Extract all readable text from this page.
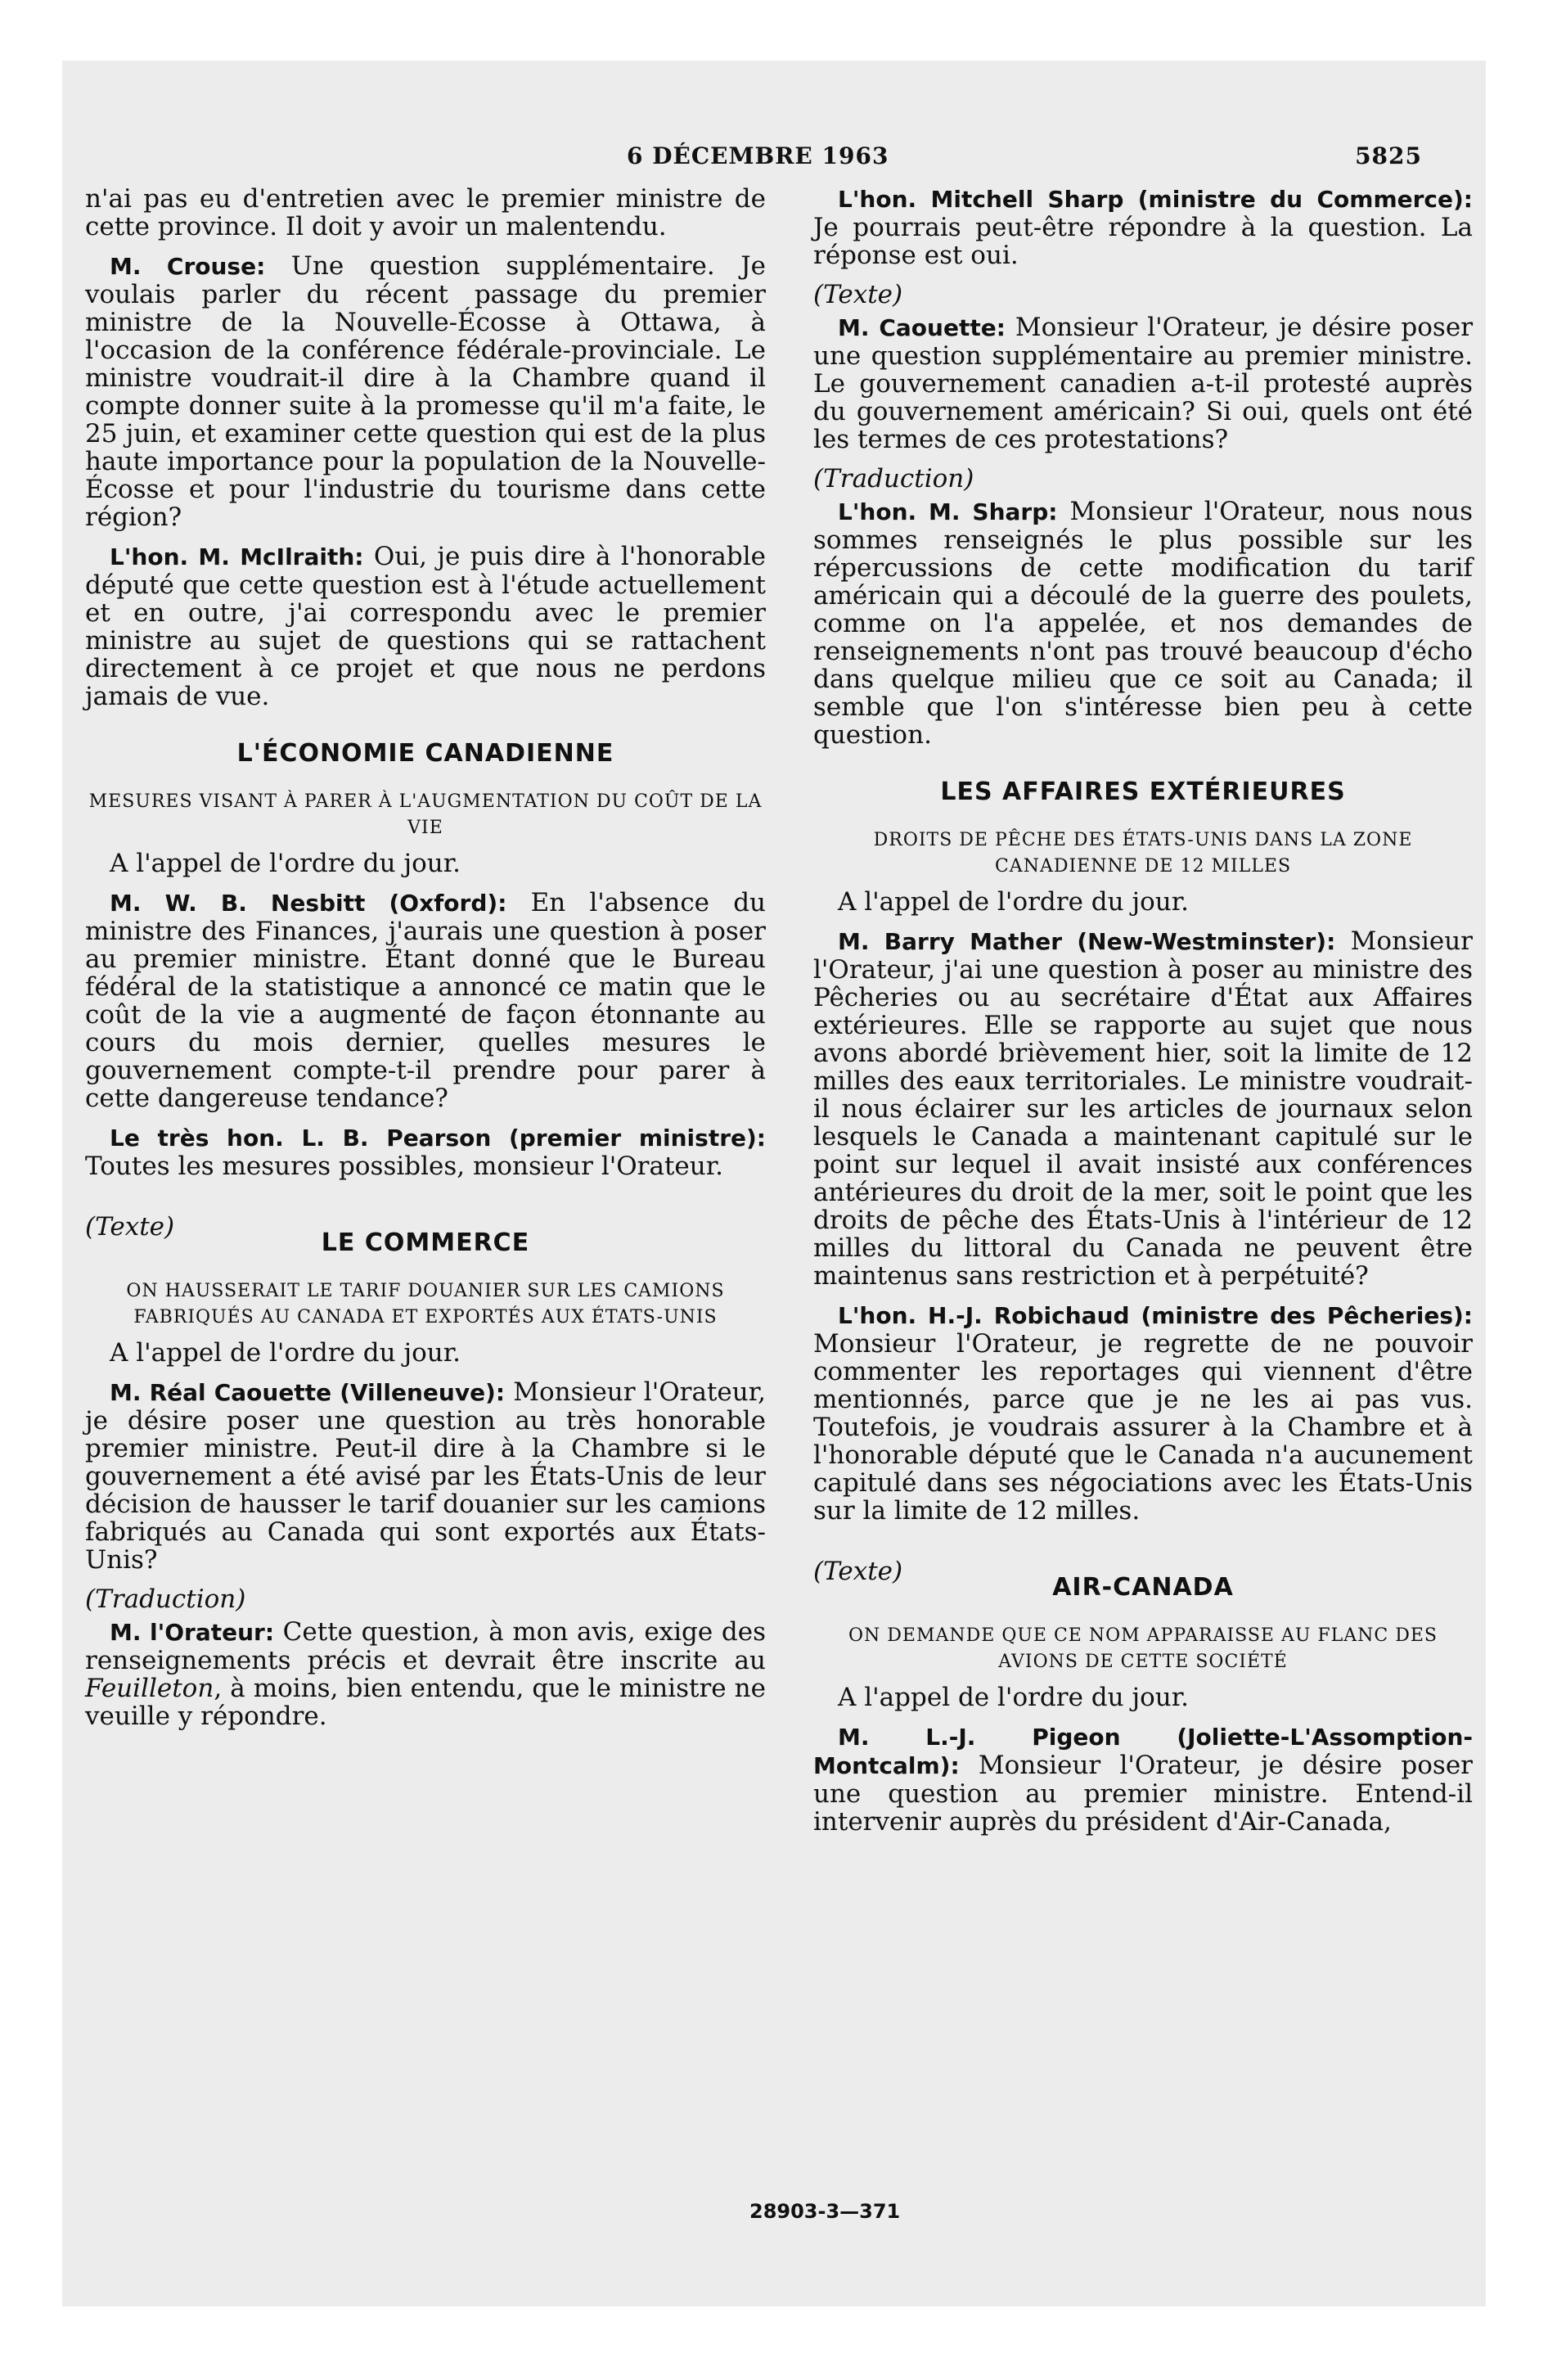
6 DÉCEMBRE 1963	5825

n'ai pas eu d'entretien avec le premier ministre de cette province. Il doit y avoir un malentendu.

M. Crouse: Une question supplémentaire. Je voulais parler du récent passage du premier ministre de la Nouvelle-Écosse à Ottawa, à l'occasion de la conférence fédérale-provinciale. Le ministre voudrait-il dire à la Chambre quand il compte donner suite à la promesse qu'il m'a faite, le 25 juin, et examiner cette question qui est de la plus haute importance pour la population de la Nouvelle-Écosse et pour l'industrie du tourisme dans cette région?

L'hon. M. McIlraith: Oui, je puis dire à l'honorable député que cette question est à l'étude actuellement et en outre, j'ai correspondu avec le premier ministre au sujet de questions qui se rattachent directement à ce projet et que nous ne perdons jamais de vue.

L'ÉCONOMIE CANADIENNE
MESURES VISANT À PARER À L'AUGMENTATION DU COÛT DE LA VIE

A l'appel de l'ordre du jour.

M. W. B. Nesbitt (Oxford): En l'absence du ministre des Finances, j'aurais une question à poser au premier ministre. Étant donné que le Bureau fédéral de la statistique a annoncé ce matin que le coût de la vie a augmenté de façon étonnante au cours du mois dernier, quelles mesures le gouvernement compte-t-il prendre pour parer à cette dangereuse tendance?

Le très hon. L. B. Pearson (premier ministre): Toutes les mesures possibles, monsieur l'Orateur.

(Texte)
LE COMMERCE
ON HAUSSERAIT LE TARIF DOUANIER SUR LES CAMIONS FABRIQUÉS AU CANADA ET EXPORTÉS AUX ÉTATS-UNIS

A l'appel de l'ordre du jour.

M. Réal Caouette (Villeneuve): Monsieur l'Orateur, je désire poser une question au très honorable premier ministre. Peut-il dire à la Chambre si le gouvernement a été avisé par les États-Unis de leur décision de hausser le tarif douanier sur les camions fabriqués au Canada qui sont exportés aux États-Unis?

(Traduction)

M. l'Orateur: Cette question, à mon avis, exige des renseignements précis et devrait être inscrite au Feuilleton, à moins, bien entendu, que le ministre ne veuille y répondre.

L'hon. Mitchell Sharp (ministre du Commerce): Je pourrais peut-être répondre à la question. La réponse est oui.

(Texte)

M. Caouette: Monsieur l'Orateur, je désire poser une question supplémentaire au premier ministre. Le gouvernement canadien a-t-il protesté auprès du gouvernement américain? Si oui, quels ont été les termes de ces protestations?

(Traduction)

L'hon. M. Sharp: Monsieur l'Orateur, nous nous sommes renseignés le plus possible sur les répercussions de cette modification du tarif américain qui a découlé de la guerre des poulets, comme on l'a appelée, et nos demandes de renseignements n'ont pas trouvé beaucoup d'écho dans quelque milieu que ce soit au Canada; il semble que l'on s'intéresse bien peu à cette question.

LES AFFAIRES EXTÉRIEURES
DROITS DE PÊCHE DES ÉTATS-UNIS DANS LA ZONE CANADIENNE DE 12 MILLES

A l'appel de l'ordre du jour.

M. Barry Mather (New-Westminster): Monsieur l'Orateur, j'ai une question à poser au ministre des Pêcheries ou au secrétaire d'État aux Affaires extérieures. Elle se rapporte au sujet que nous avons abordé brièvement hier, soit la limite de 12 milles des eaux territoriales. Le ministre voudrait-il nous éclairer sur les articles de journaux selon lesquels le Canada a maintenant capitulé sur le point sur lequel il avait insisté aux conférences antérieures du droit de la mer, soit le point que les droits de pêche des États-Unis à l'intérieur de 12 milles du littoral du Canada ne peuvent être maintenus sans restriction et à perpétuité?

L'hon. H.-J. Robichaud (ministre des Pêcheries): Monsieur l'Orateur, je regrette de ne pouvoir commenter les reportages qui viennent d'être mentionnés, parce que je ne les ai pas vus. Toutefois, je voudrais assurer à la Chambre et à l'honorable député que le Canada n'a aucunement capitulé dans ses négociations avec les États-Unis sur la limite de 12 milles.

(Texte)
AIR-CANADA
ON DEMANDE QUE CE NOM APPARAISSE AU FLANC DES AVIONS DE CETTE SOCIÉTÉ

A l'appel de l'ordre du jour.

M. L.-J. Pigeon (Joliette-L'Assomption-Montcalm): Monsieur l'Orateur, je désire poser une question au premier ministre. Entend-il intervenir auprès du président d'Air-Canada,

28903-3—371
